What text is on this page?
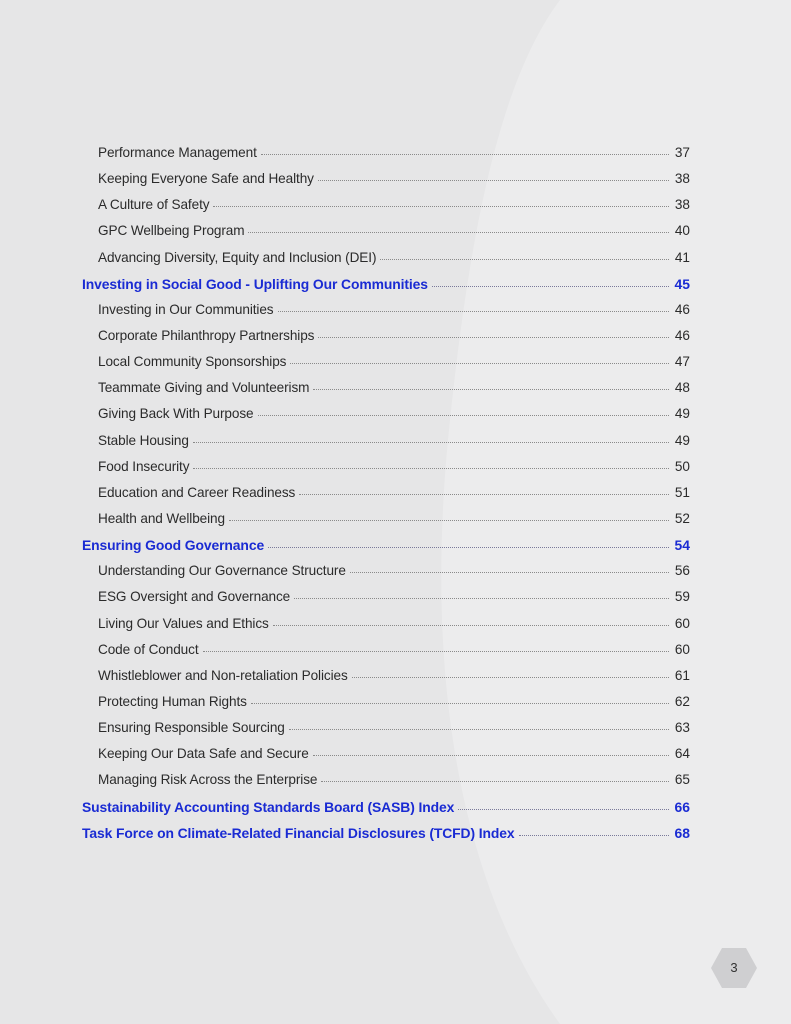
Performance Management	37
Keeping Everyone Safe and Healthy	38
A Culture of Safety	38
GPC Wellbeing Program	40
Advancing Diversity, Equity and Inclusion (DEI)	41
Investing in Social Good - Uplifting Our Communities	45
Investing in Our Communities	46
Corporate Philanthropy Partnerships	46
Local Community Sponsorships	47
Teammate Giving and Volunteerism	48
Giving Back With Purpose	49
Stable Housing	49
Food Insecurity	50
Education and Career Readiness	51
Health and Wellbeing	52
Ensuring Good Governance	54
Understanding Our Governance Structure	56
ESG Oversight and Governance	59
Living Our Values and Ethics	60
Code of Conduct	60
Whistleblower and Non-retaliation Policies	61
Protecting Human Rights	62
Ensuring Responsible Sourcing	63
Keeping Our Data Safe and Secure	64
Managing Risk Across the Enterprise	65
Sustainability Accounting Standards Board (SASB) Index	66
Task Force on Climate-Related Financial Disclosures (TCFD) Index	68
3
